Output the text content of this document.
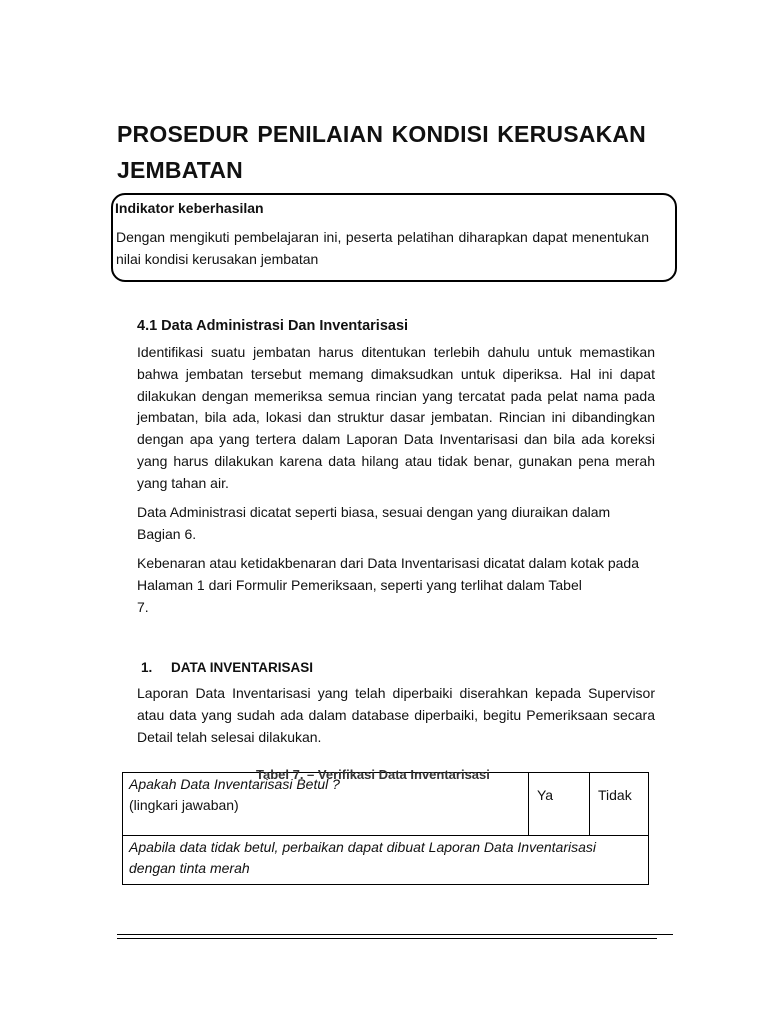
PROSEDUR PENILAIAN KONDISI KERUSAKAN JEMBATAN
Indikator keberhasilan
Dengan mengikuti pembelajaran ini, peserta pelatihan diharapkan dapat menentukan nilai kondisi kerusakan jembatan
4.1 Data Administrasi Dan Inventarisasi
Identifikasi suatu jembatan harus ditentukan terlebih dahulu untuk memastikan bahwa jembatan tersebut memang dimaksudkan untuk diperiksa. Hal ini dapat dilakukan dengan memeriksa semua rincian yang tercatat pada pelat nama pada jembatan, bila ada, lokasi dan struktur dasar jembatan. Rincian ini dibandingkan dengan apa yang tertera dalam Laporan Data Inventarisasi dan bila ada koreksi yang harus dilakukan karena data hilang atau tidak benar, gunakan pena merah yang tahan air.
Data Administrasi dicatat seperti biasa, sesuai dengan yang diuraikan dalam Bagian 6.
Kebenaran atau ketidakbenaran dari Data Inventarisasi dicatat dalam kotak pada Halaman 1 dari Formulir Pemeriksaan, seperti yang terlihat dalam Tabel
7.
1. DATA INVENTARISASI
Laporan Data Inventarisasi yang telah diperbaiki diserahkan kepada Supervisor atau data yang sudah ada dalam database diperbaiki, begitu Pemeriksaan secara Detail telah selesai dilakukan.
Apakah Data Inventarisasi Betul ?
(lingkari jawaban)	Ya	Tidak
Apabila data tidak betul, perbaikan dapat dibuat Laporan Data Inventarisasi dengan tinta merah
Tabel 7. – Verifikasi Data Inventarisasi
